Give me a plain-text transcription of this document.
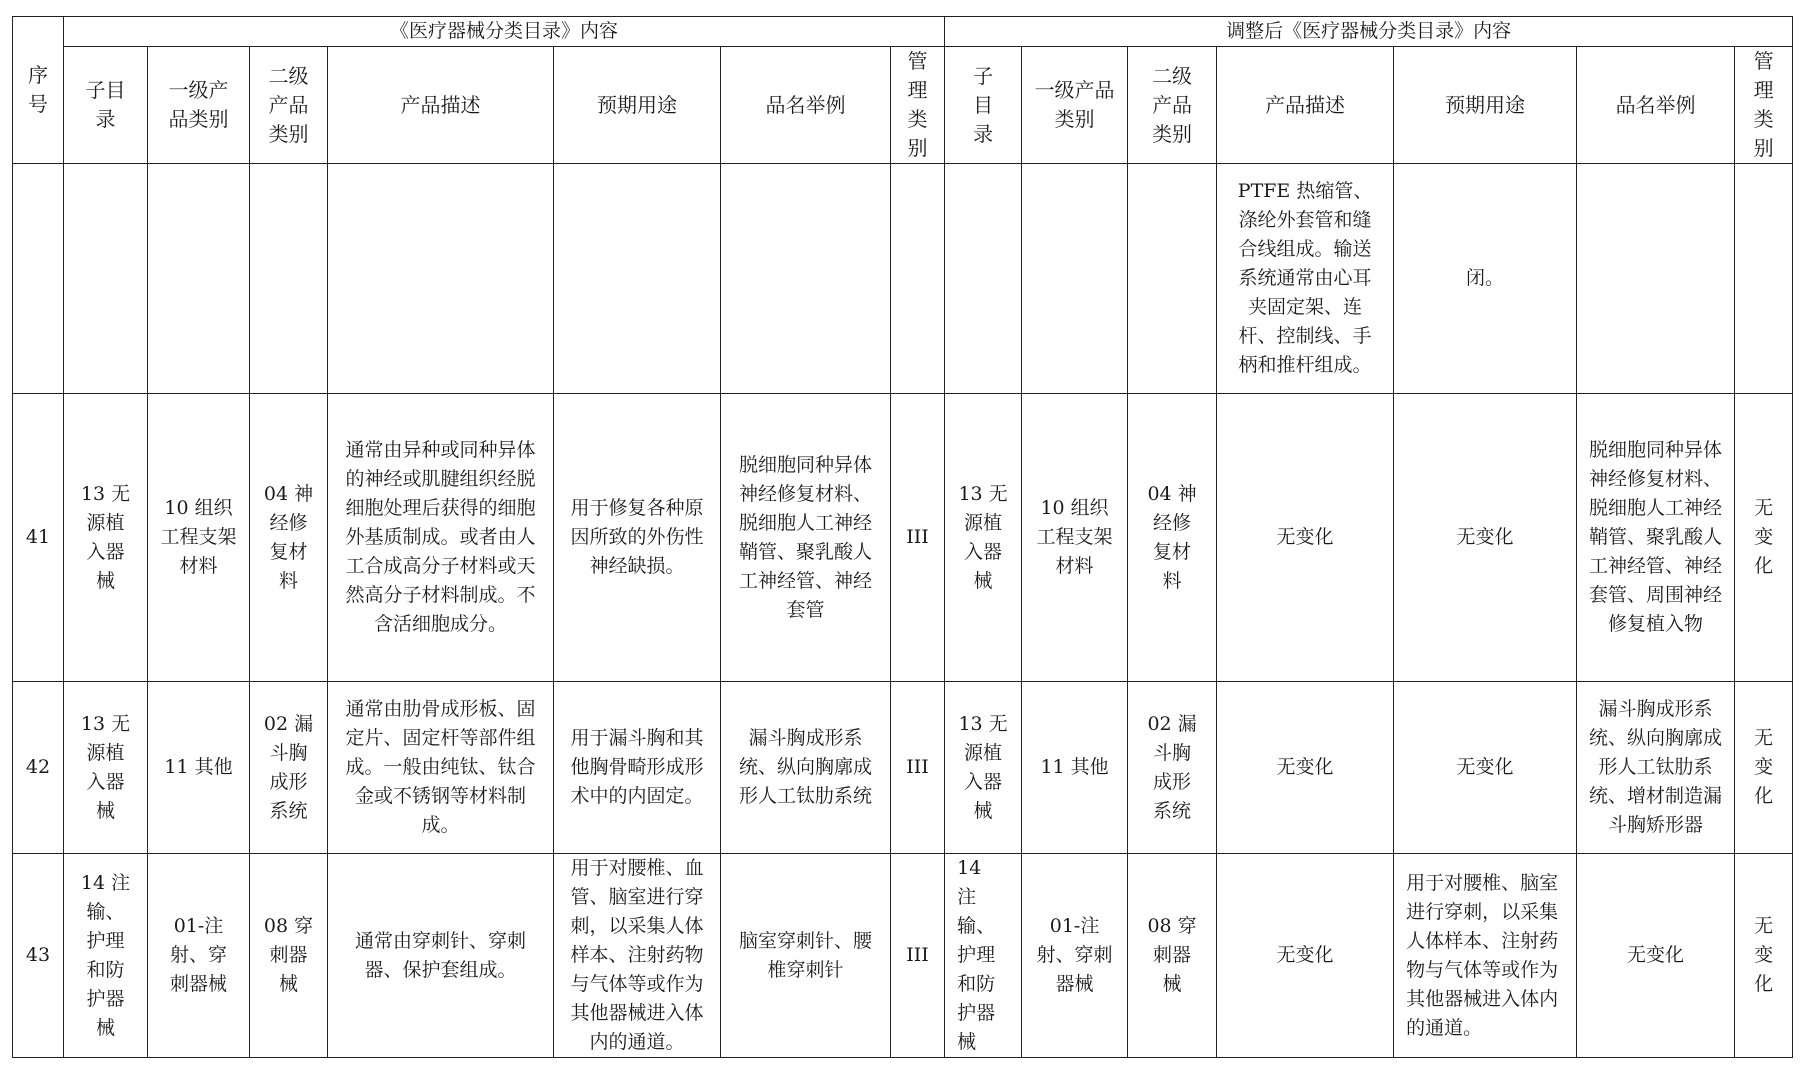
序号	《医疗器械分类目录》内容							调整后《医疗器械分类目录》内容						
	子目录	一级产品类别	二级产品类别	产品描述	预期用途	品名举例	管理类别	子目录	一级产品类别	二级产品类别	产品描述	预期用途	品名举例	管理类别
											PTFE 热缩管、涤纶外套管和缝合线组成。输送系统通常由心耳夹固定架、连杆、控制线、手柄和推杆组成。	闭。		
41	13 无源植入器械	10 组织工程支架材料	04 神经修复材料	通常由异种或同种异体的神经或肌腱组织经脱细胞处理后获得的细胞外基质制成。或者由人工合成高分子材料或天然高分子材料制成。不含活细胞成分。	用于修复各种原因所致的外伤性神经缺损。	脱细胞同种异体神经修复材料、脱细胞人工神经鞘管、聚乳酸人工神经管、神经套管	III	13 无源植入器械	10 组织工程支架材料	04 神经修复材料	无变化	无变化	脱细胞同种异体神经修复材料、脱细胞人工神经鞘管、聚乳酸人工神经管、神经套管、周围神经修复植入物	无变化
42	13 无源植入器械	11 其他	02 漏斗胸成形系统	通常由肋骨成形板、固定片、固定杆等部件组成。一般由纯钛、钛合金或不锈钢等材料制成。	用于漏斗胸和其他胸骨畸形成形术中的内固定。	漏斗胸成形系统、纵向胸廓成形人工钛肋系统	III	13 无源植入器械	11 其他	02 漏斗胸成形系统	无变化	无变化	漏斗胸成形系统、纵向胸廓成形人工钛肋系统、增材制造漏斗胸矫形器	无变化
43	14 注输、护理和防护器械	01-注射、穿刺器械	08 穿刺器械	通常由穿刺针、穿刺器、保护套组成。	用于对腰椎、血管、脑室进行穿刺，以采集人体样本、注射药物与气体等或作为其他器械进入体内的通道。	脑室穿刺针、腰椎穿刺针	III	14 注输、护理和防护器械	01-注射、穿刺器械	08 穿刺器械	无变化	用于对腰椎、脑室进行穿刺，以采集人体样本、注射药物与气体等或作为其他器械进入体内的通道。	无变化	无变化
